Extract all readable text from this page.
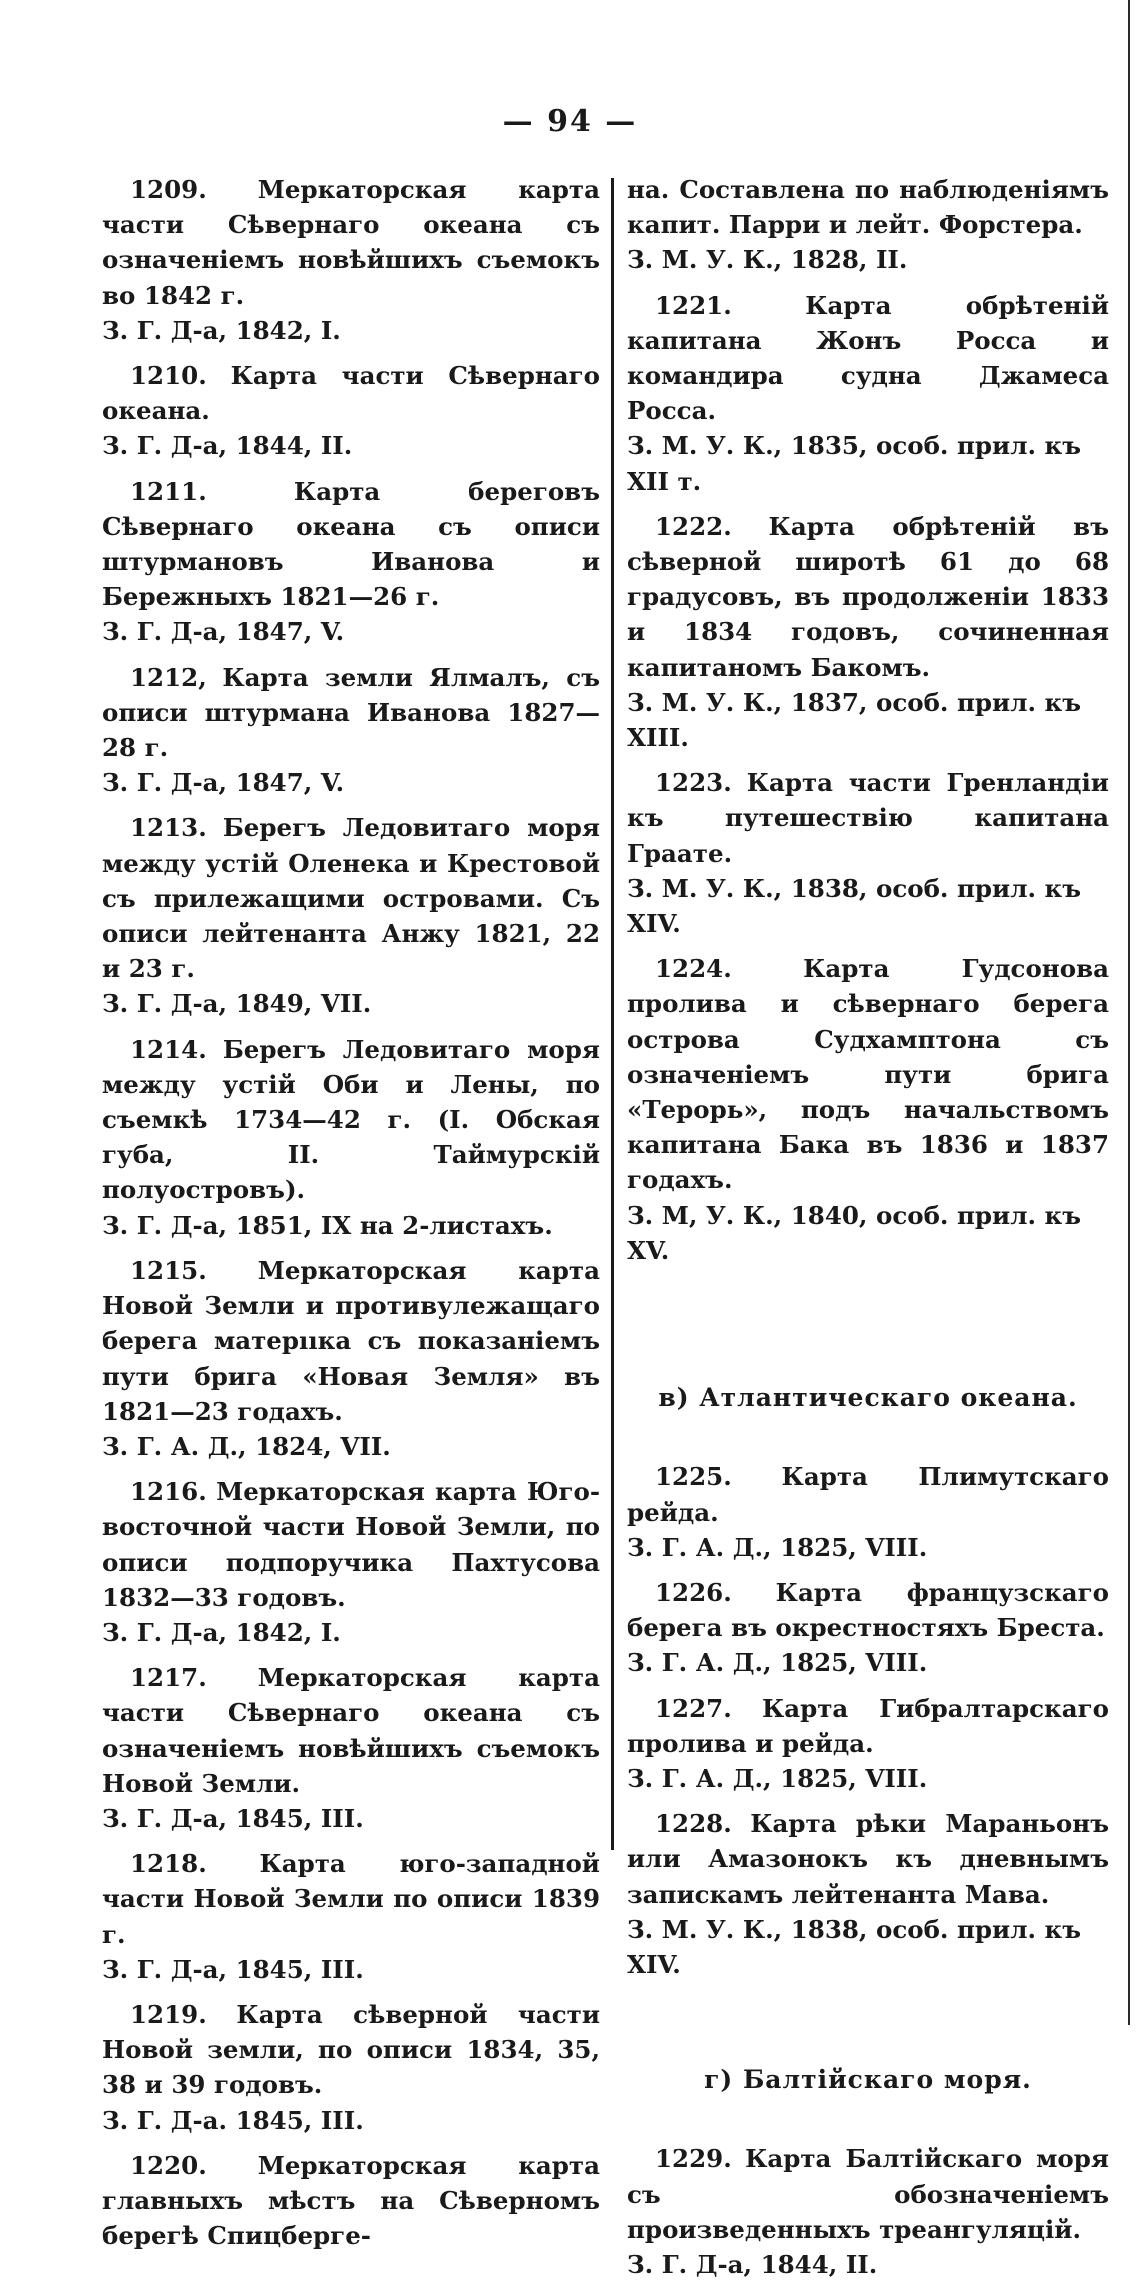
— 94 —

1209. Меркаторская карта части Сѣвернаго океана съ означеніемъ новѣйшихъ съемокъ во 1842 г.

З. Г. Д-а, 1842, I.

1210. Карта части Сѣвернаго океана.

З. Г. Д-а, 1844, II.

1211.	Карта береговъ Сѣвернаго океана съ описи штурмановъ Иванова и Бережныхъ 1821—26 г.

З. Г. Д-а, 1847, V.

1212, Карта земли Ялмалъ, съ описи штурмана Иванова 1827—28 г.

З. Г. Д-а, 1847, V.

1213. Берегъ Ледовитаго моря между устій Оленека и Крестовой съ прилежащими островами. Съ описи лейтенанта Анжу 1821, 22 и 23 г.

З. Г. Д-а, 1849, VII.

1214. Берегъ Ледовитаго моря между устій Оби и Лены, по съемкѣ 1734—42 г. (I. Обская губа, II. Таймурскій полуостровъ).

З. Г. Д-а, 1851, IX на 2-листахъ.

1215. Меркаторская карта Новой Земли и противулежащаго берега матерııка съ показаніемъ пути брига «Новая Земля» въ 1821—23 годахъ.

З. Г. А. Д., 1824, VII.

1216. Меркаторская карта Юго-восточной части Новой Земли, по описи подпоручика Пахтусова 1832—33 годовъ.

З. Г. Д-а, 1842, I.

1217. Меркаторская карта части Сѣвернаго океана съ означеніемъ новѣйшихъ съемокъ Новой Земли.

З. Г. Д-а, 1845, III.

1218. Карта юго-западной части Новой Земли по описи 1839 г.

З. Г. Д-а, 1845, III.

1219. Карта сѣверной части Новой земли, по описи 1834, 35, 38 и 39 годовъ.

З. Г. Д-а. 1845, III.

1220. Меркаторская карта главныхъ мѣстъ на Сѣверномъ берегѣ Спицберге-

на. Составлена по наблюденіямъ капит. Парри и лейт. Форстера.

З. М. У. К., 1828, II.

1221.	Карта обрѣтеній капитана Жонъ Росса и командира судна Джамеса Росса.

З. М. У. К., 1835, особ. прил. къ XII т.

1222. Карта обрѣтеній въ сѣверной широтѣ 61 до 68 градусовъ, въ продолженіи 1833 и 1834 годовъ, сочиненная капитаномъ Бакомъ.

З. М. У. К., 1837, особ. прил. къ XIII.

1223. Карта части Гренландіи къ путешествію капитана Граате.

З. М. У. К., 1838, особ. прил. къ XIV.

1224.	Карта Гудсонова пролива и сѣвернаго берега острова Судхамптона съ означеніемъ пути брига «Терорь», подъ начальствомъ капитана Бака въ 1836 и 1837 годахъ.

З. М, У. К., 1840, особ. прил. къ XV.

в) Атлантическаго океана.

1225. Карта Плимутскаго рейда.

З. Г. А. Д., 1825, VIII.

1226. Карта французскаго берега въ окрестностяхъ Бреста.

З. Г. А. Д., 1825, VIII.

1227. Карта Гибралтарскаго пролива и рейда.

З. Г. А. Д., 1825, VIII.

1228. Карта рѣки Мараньонъ или Амазонокъ къ дневнымъ запискамъ лейтенанта Мава.

З. М. У. К., 1838, особ. прил. къ XIV.

г) Балтійскаго моря.

1229. Карта Балтійскаго моря съ обозначеніемъ произведенныхъ треангуляцій.

З. Г. Д-а, 1844, II.
